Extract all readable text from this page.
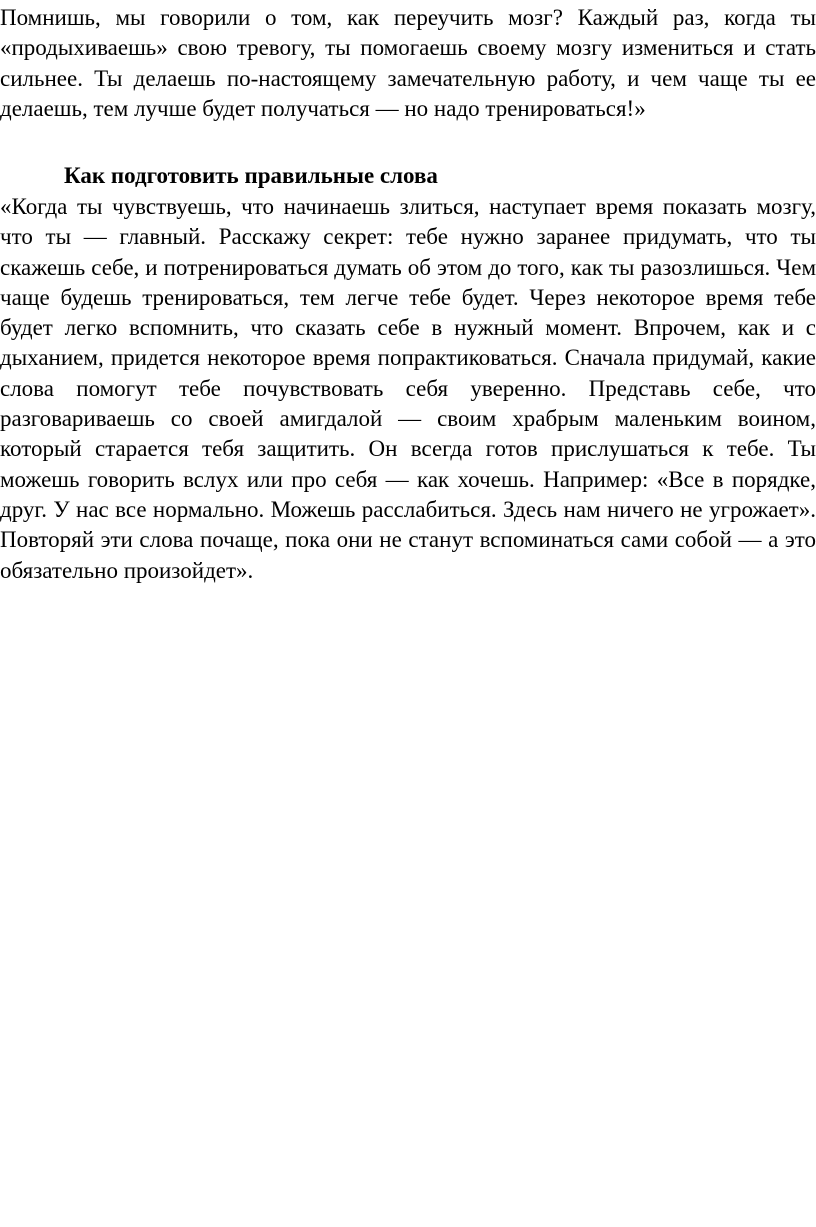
Помнишь, мы говорили о том, как переучить мозг? Каждый раз, когда ты «продыхиваешь» свою тревогу, ты помогаешь своему мозгу измениться и стать сильнее. Ты делаешь по-настоящему замечательную работу, и чем чаще ты ее делаешь, тем лучше будет получаться — но надо тренироваться!»

Как подготовить правильные слова

«Когда ты чувствуешь, что начинаешь злиться, наступает время показать мозгу, что ты — главный. Расскажу секрет: тебе нужно заранее придумать, что ты скажешь себе, и потренироваться думать об этом до того, как ты разозлишься. Чем чаще будешь тренироваться, тем легче тебе будет. Через некоторое время тебе будет легко вспомнить, что сказать себе в нужный момент. Впрочем, как и с дыханием, придется некоторое время попрактиковаться. Сначала придумай, какие слова помогут тебе почувствовать себя уверенно. Представь себе, что разговариваешь со своей амигдалой — своим храбрым маленьким воином, который старается тебя защитить. Он всегда готов прислушаться к тебе. Ты можешь говорить вслух или про себя — как хочешь. Например: «Все в порядке, друг. У нас все нормально. Можешь расслабиться. Здесь нам ничего не угрожает». Повторяй эти слова почаще, пока они не станут вспоминаться сами собой — а это обязательно произойдет».
